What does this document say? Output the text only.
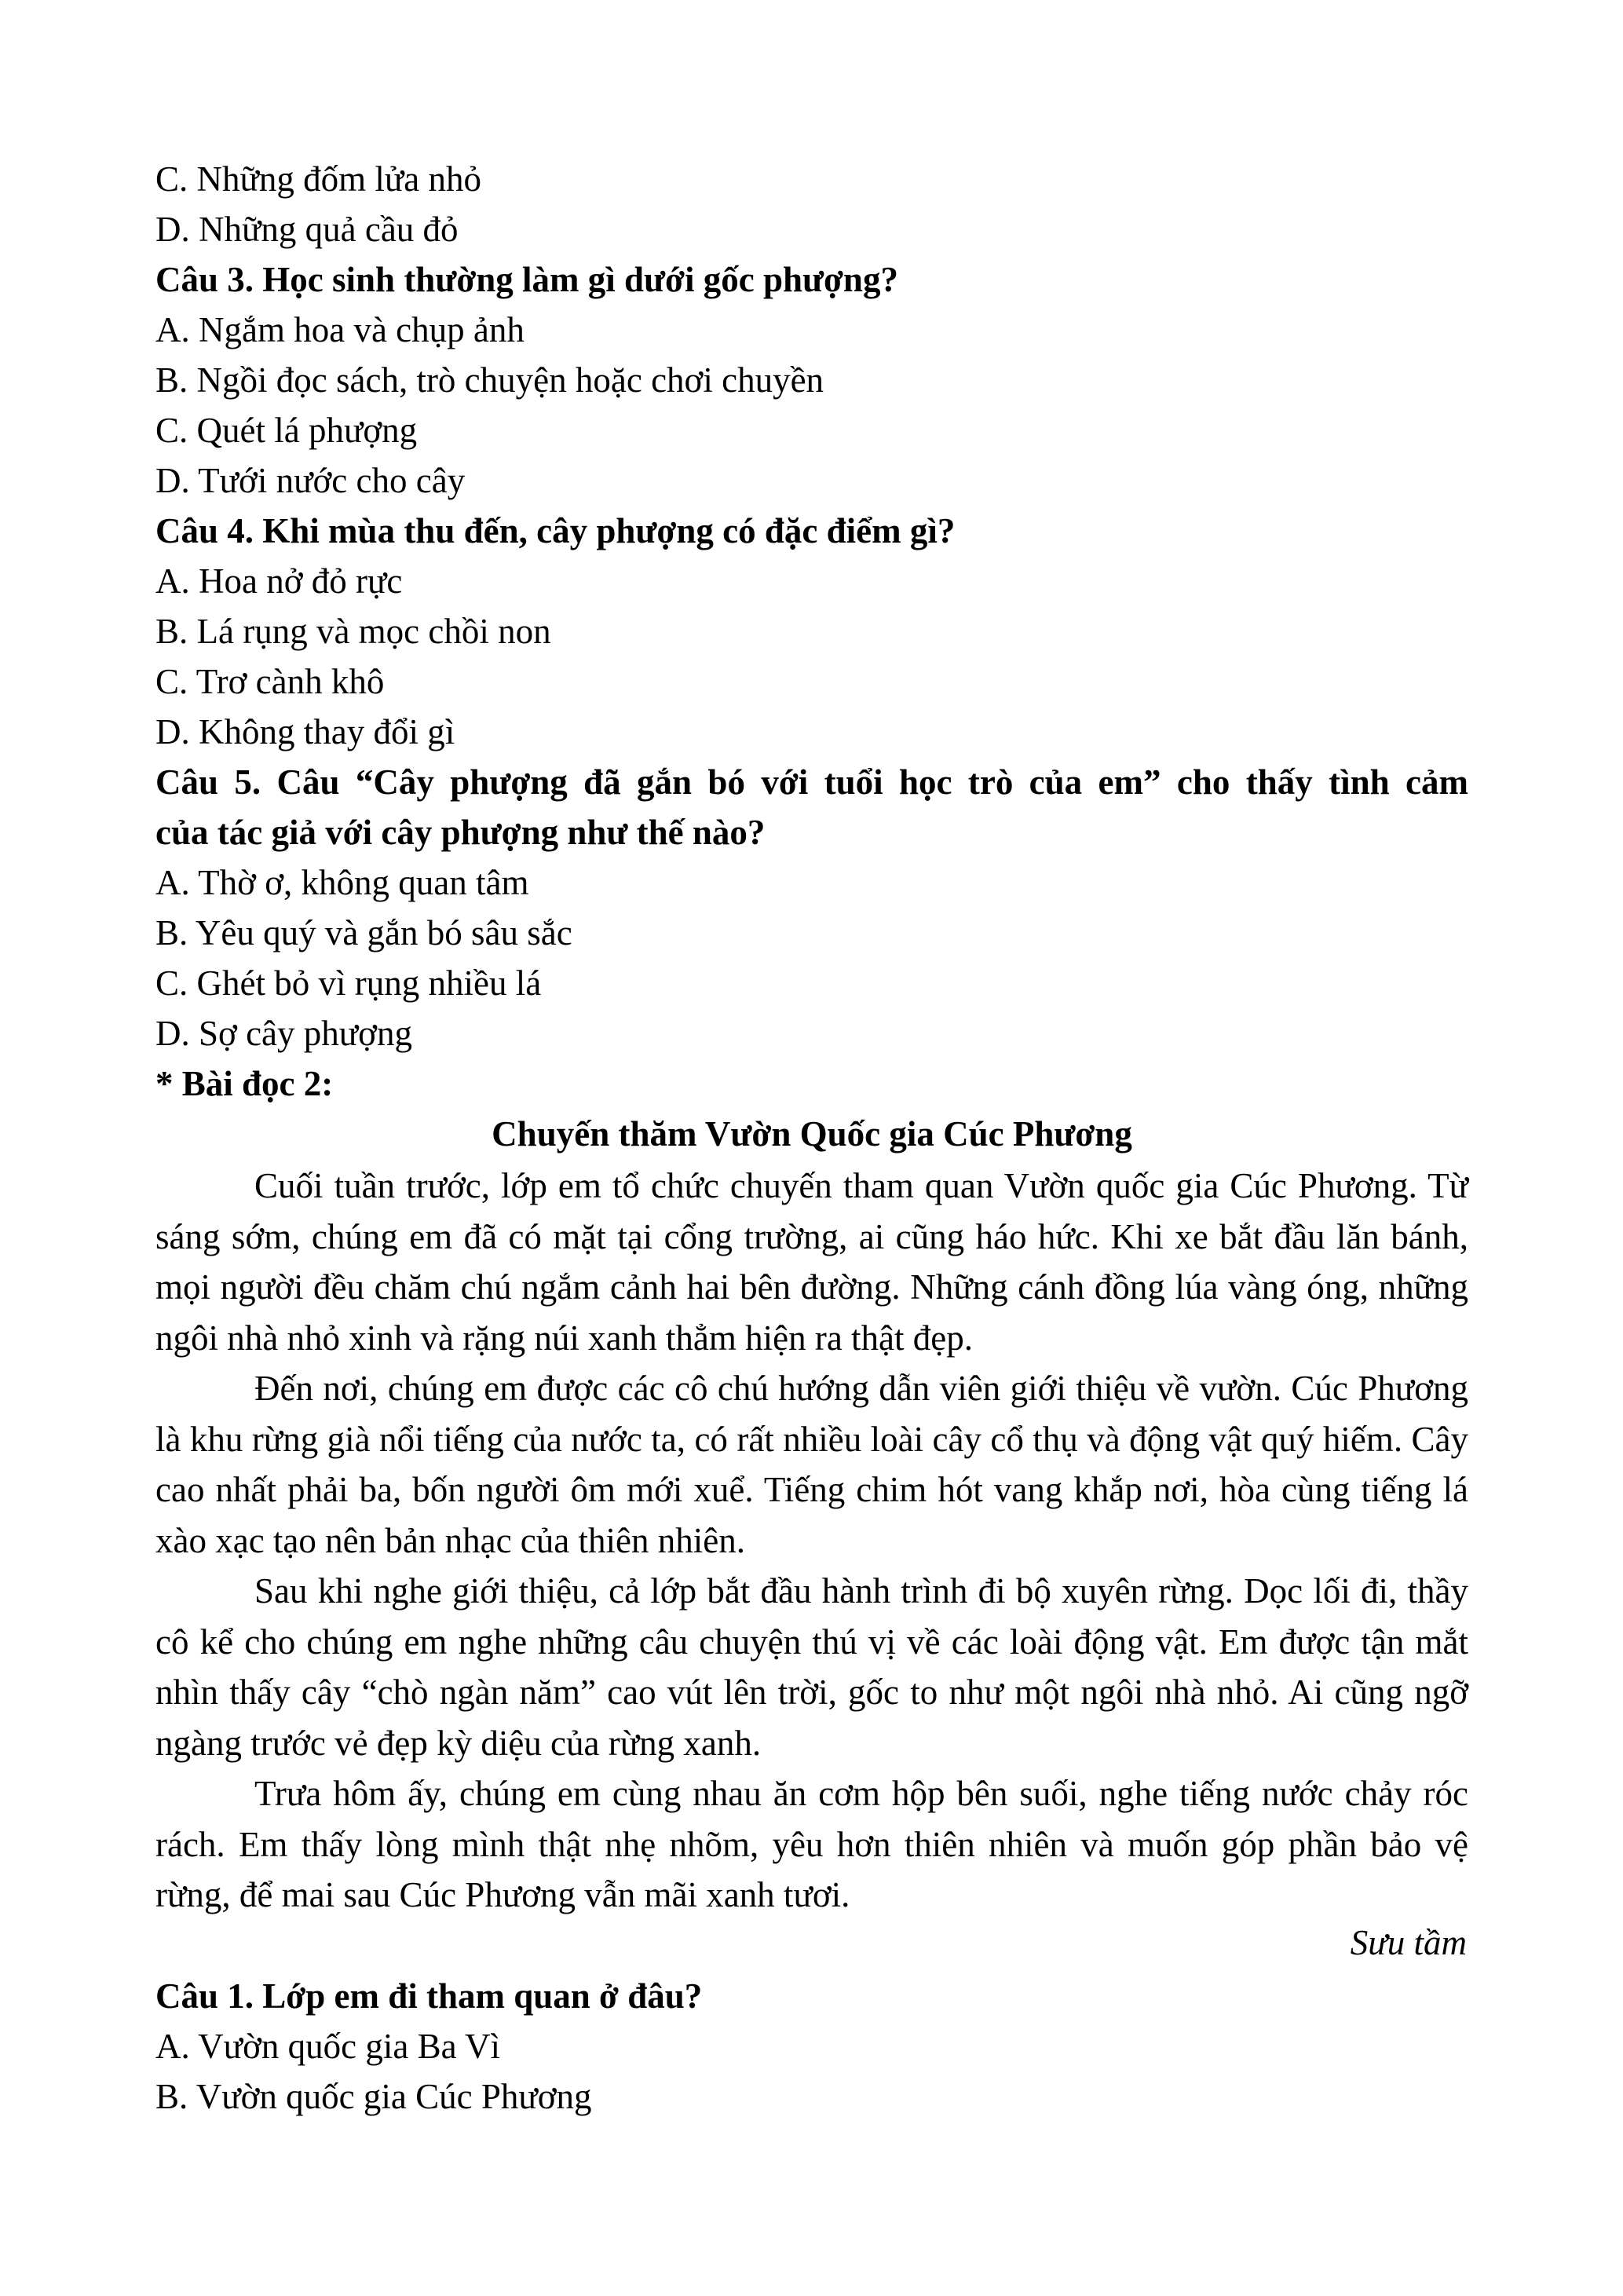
C. Những đốm lửa nhỏ

D. Những quả cầu đỏ

Câu 3. Học sinh thường làm gì dưới gốc phượng?

A. Ngắm hoa và chụp ảnh

B. Ngồi đọc sách, trò chuyện hoặc chơi chuyền

C. Quét lá phượng

D. Tưới nước cho cây

Câu 4. Khi mùa thu đến, cây phượng có đặc điểm gì?

A. Hoa nở đỏ rực

B. Lá rụng và mọc chồi non

C. Trơ cành khô

D. Không thay đổi gì

Câu 5. Câu “Cây phượng đã gắn bó với tuổi học trò của em” cho thấy tình cảm

của tác giả với cây phượng như thế nào?

A. Thờ ơ, không quan tâm

B. Yêu quý và gắn bó sâu sắc

C. Ghét bỏ vì rụng nhiều lá

D. Sợ cây phượng

* Bài đọc 2:

Chuyến thăm Vườn Quốc gia Cúc Phương

Cuối tuần trước, lớp em tổ chức chuyến tham quan Vườn quốc gia Cúc Phương. Từ sáng sớm, chúng em đã có mặt tại cổng trường, ai cũng háo hức. Khi xe bắt đầu lăn bánh, mọi người đều chăm chú ngắm cảnh hai bên đường. Những cánh đồng lúa vàng óng, những ngôi nhà nhỏ xinh và rặng núi xanh thẳm hiện ra thật đẹp.

Đến nơi, chúng em được các cô chú hướng dẫn viên giới thiệu về vườn. Cúc Phương là khu rừng già nổi tiếng của nước ta, có rất nhiều loài cây cổ thụ và động vật quý hiếm. Cây cao nhất phải ba, bốn người ôm mới xuể. Tiếng chim hót vang khắp nơi, hòa cùng tiếng lá xào xạc tạo nên bản nhạc của thiên nhiên.

Sau khi nghe giới thiệu, cả lớp bắt đầu hành trình đi bộ xuyên rừng. Dọc lối đi, thầy cô kể cho chúng em nghe những câu chuyện thú vị về các loài động vật. Em được tận mắt nhìn thấy cây “chò ngàn năm” cao vút lên trời, gốc to như một ngôi nhà nhỏ. Ai cũng ngỡ ngàng trước vẻ đẹp kỳ diệu của rừng xanh.

Trưa hôm ấy, chúng em cùng nhau ăn cơm hộp bên suối, nghe tiếng nước chảy róc rách. Em thấy lòng mình thật nhẹ nhõm, yêu hơn thiên nhiên và muốn góp phần bảo vệ rừng, để mai sau Cúc Phương vẫn mãi xanh tươi.

Sưu tầm

Câu 1. Lớp em đi tham quan ở đâu?

A. Vườn quốc gia Ba Vì

B. Vườn quốc gia Cúc Phương
